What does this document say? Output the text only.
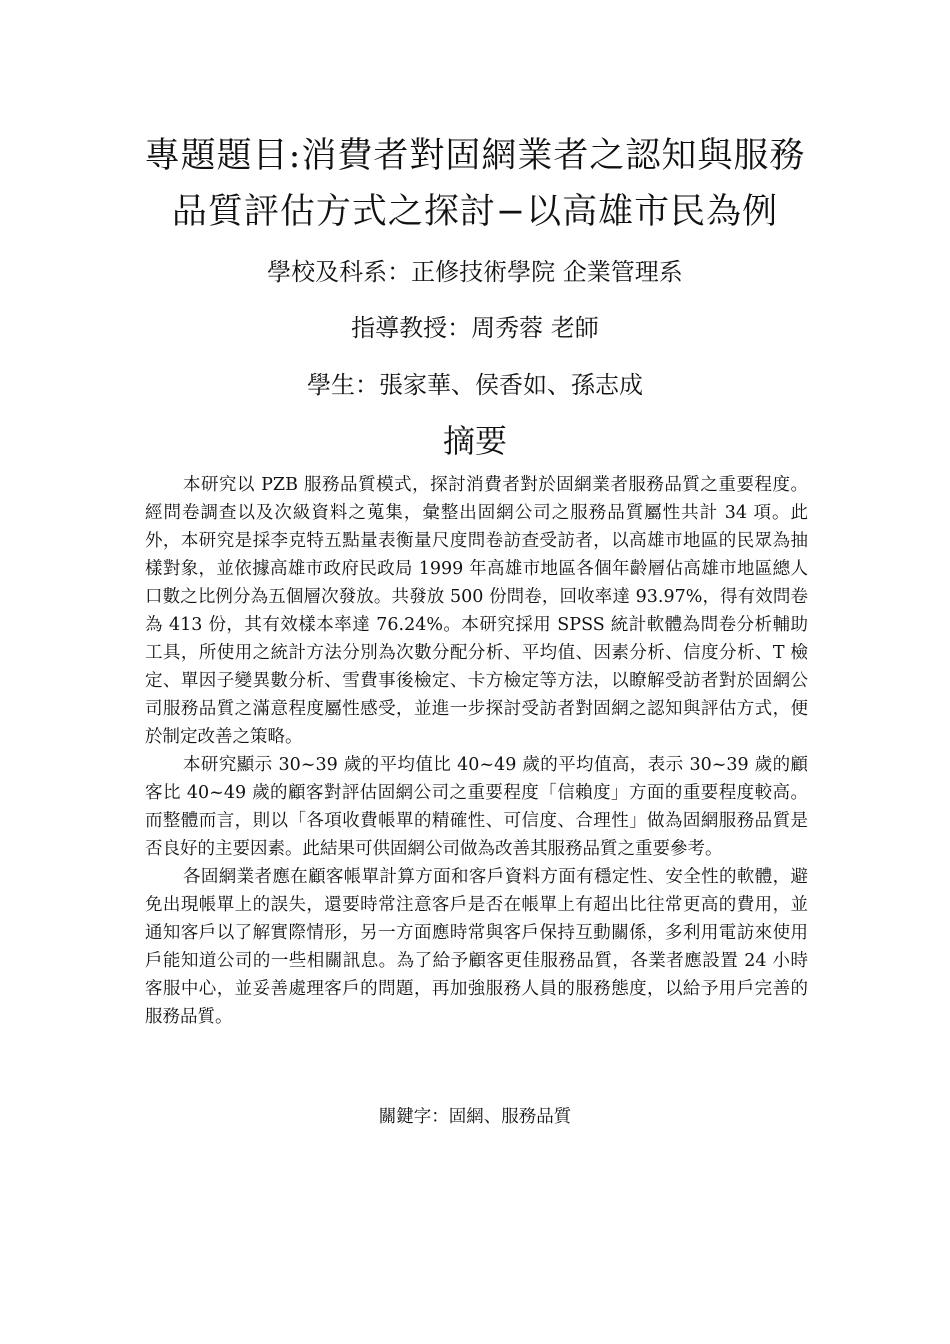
專題題目:消費者對固網業者之認知與服務
品質評估方式之探討−以高雄市民為例
學校及科系：正修技術學院 企業管理系
指導教授：周秀蓉 老師
學生：張家華、侯香如、孫志成
摘要

本研究以 PZB 服務品質模式，探討消費者對於固網業者服務品質之重要程度。經問卷調查以及次級資料之蒐集，彙整出固網公司之服務品質屬性共計 34 項。此外，本研究是採李克特五點量表衡量尺度問卷訪查受訪者，以高雄市地區的民眾為抽樣對象，並依據高雄市政府民政局 1999 年高雄市地區各個年齡層佔高雄市地區總人口數之比例分為五個層次發放。共發放 500 份問卷，回收率達 93.97%，得有效問卷為 413 份，其有效樣本率達 76.24%。本研究採用 SPSS 統計軟體為問卷分析輔助工具，所使用之統計方法分別為次數分配分析、平均值、因素分析、信度分析、T 檢定、單因子變異數分析、雪費事後檢定、卡方檢定等方法，以瞭解受訪者對於固網公司服務品質之滿意程度屬性感受，並進一步探討受訪者對固網之認知與評估方式，便於制定改善之策略。

本研究顯示 30~39 歲的平均值比 40~49 歲的平均值高，表示 30~39 歲的顧客比 40~49 歲的顧客對評估固網公司之重要程度「信賴度」方面的重要程度較高。而整體而言，則以「各項收費帳單的精確性、可信度、合理性」做為固網服務品質是否良好的主要因素。此結果可供固網公司做為改善其服務品質之重要參考。

各固網業者應在顧客帳單計算方面和客戶資料方面有穩定性、安全性的軟體，避免出現帳單上的誤失，還要時常注意客戶是否在帳單上有超出比往常更高的費用，並通知客戶以了解實際情形，另一方面應時常與客戶保持互動關係，多利用電訪來使用戶能知道公司的一些相關訊息。為了給予顧客更佳服務品質，各業者應設置 24 小時客服中心，並妥善處理客戶的問題，再加強服務人員的服務態度，以給予用戶完善的服務品質。

關鍵字：固網、服務品質
